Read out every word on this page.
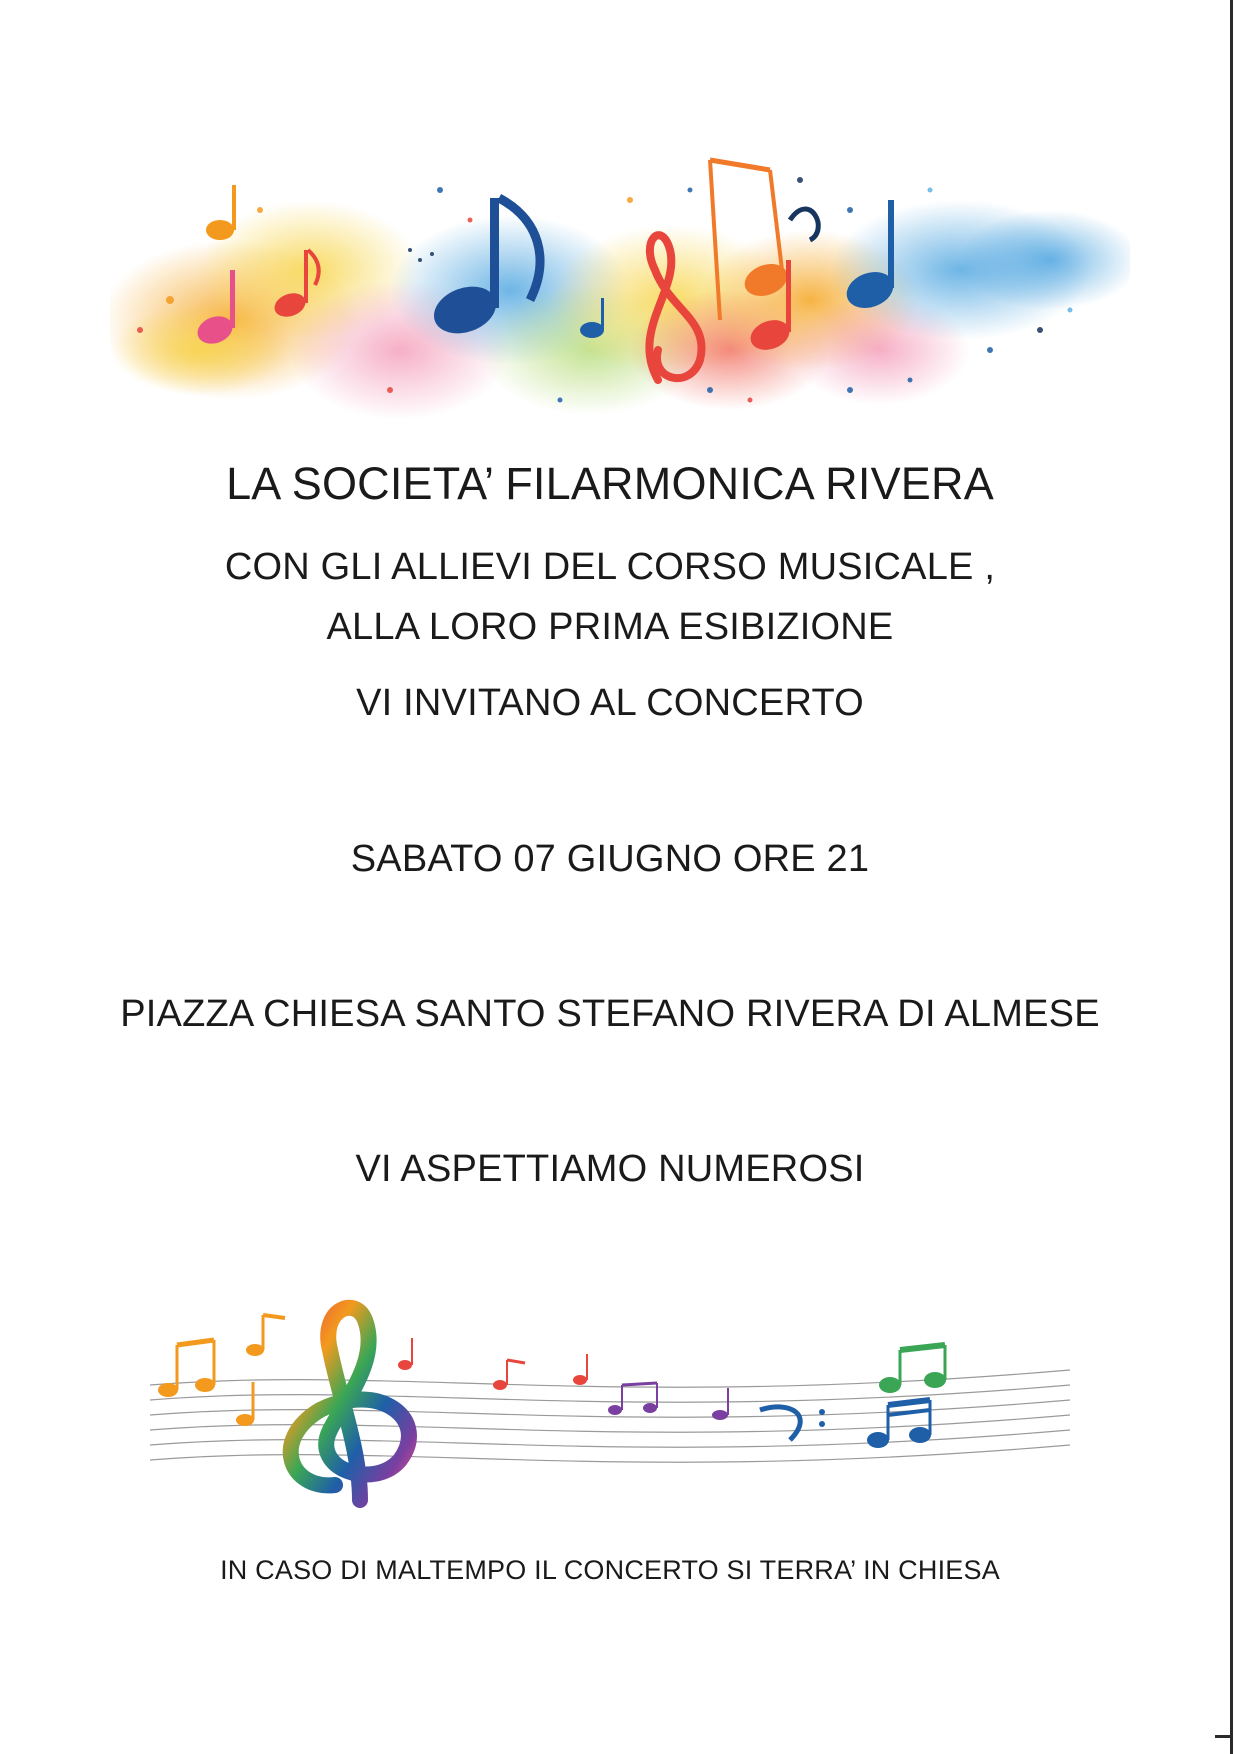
LA SOCIETA’ FILARMONICA RIVERA
CON GLI ALLIEVI DEL CORSO MUSICALE ,
ALLA LORO PRIMA ESIBIZIONE
VI INVITANO AL CONCERTO
SABATO 07 GIUGNO ORE 21
PIAZZA CHIESA SANTO STEFANO RIVERA DI ALMESE
VI ASPETTIAMO NUMEROSI
IN CASO DI MALTEMPO IL CONCERTO SI TERRA’ IN CHIESA
